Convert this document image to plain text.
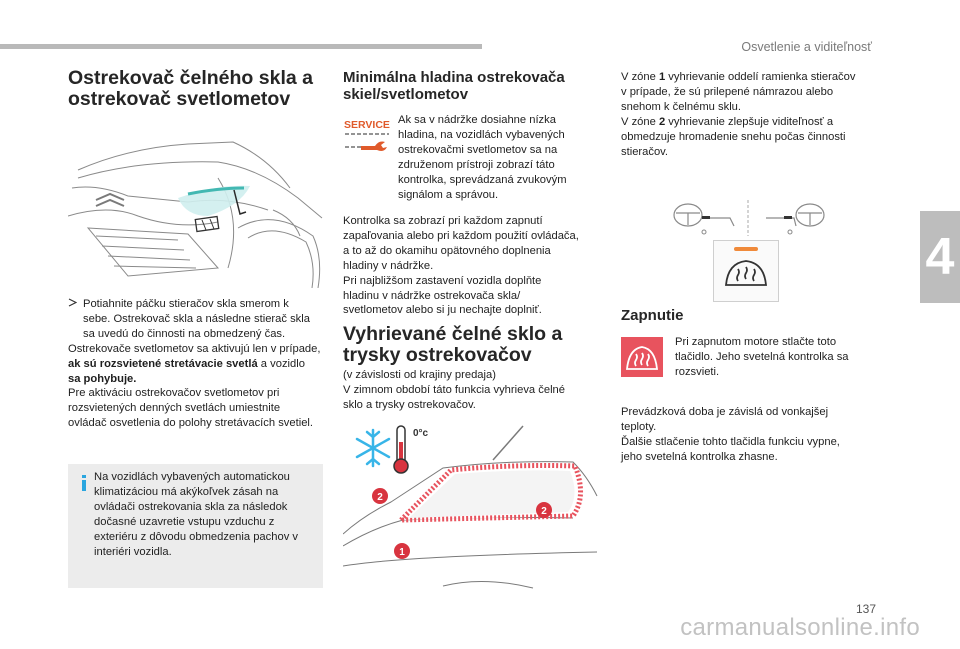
Osvetlenie a viditeľnosť
4
Ostrekovač čelného skla a
ostrekovač svetlometov
Potiahnite páčku stieračov skla smerom k
sebe. Ostrekovač skla a následne stierač skla
sa uvedú do činnosti na obmedzený čas.
Ostrekovače svetlometov sa aktivujú len v prípade,
ak sú rozsvietené stretávacie svetlá a vozidlo
sa pohybuje.
Pre aktiváciu ostrekovačov svetlometov pri
rozsvietených denných svetlách umiestnite
ovládač osvetlenia do polohy stretávacích svetiel.
Na vozidlách vybavených automatickou
klimatizáciou má akýkoľvek zásah na
ovládači ostrekovania skla za následok
dočasné uzavretie vstupu vzduchu z
exteriéru z dôvodu obmedzenia pachov v
interiéri vozidla.
Minimálna hladina ostrekovača
skiel/svetlometov
SERVICE Ak sa v nádržke dosiahne nízka
hladina, na vozidlách vybavených
ostrekovačmi svetlometov sa na
združenom prístroji zobrazí táto
kontrolka, sprevádzaná zvukovým
signálom a správou.
Kontrolka sa zobrazí pri každom zapnutí
zapaľovania alebo pri každom použití ovládača,
a to až do okamihu opätovného doplnenia
hladiny v nádržke.
Pri najbližšom zastavení vozidla doplňte
hladinu v nádržke ostrekovača skla/
svetlometov alebo si ju nechajte doplniť.
Vyhrievané čelné sklo a
trysky ostrekovačov
(v závislosti od krajiny predaja)
V zimnom období táto funkcia vyhrieva čelné
sklo a trysky ostrekovačov.
0°c
2
2
1
V zóne 1 vyhrievanie oddelí ramienka stieračov
v prípade, že sú prilepené námrazou alebo
snehom k čelnému sklu.
V zóne 2 vyhrievanie zlepšuje viditeľnosť a
obmedzuje hromadenie snehu počas činnosti
stieračov.
Zapnutie
Pri zapnutom motore stlačte toto
tlačidlo. Jeho svetelná kontrolka sa
rozsvieti.
Prevádzková doba je závislá od vonkajšej
teploty.
Ďalšie stlačenie tohto tlačidla funkciu vypne,
jeho svetelná kontrolka zhasne.
137
carmanualsonline.info
